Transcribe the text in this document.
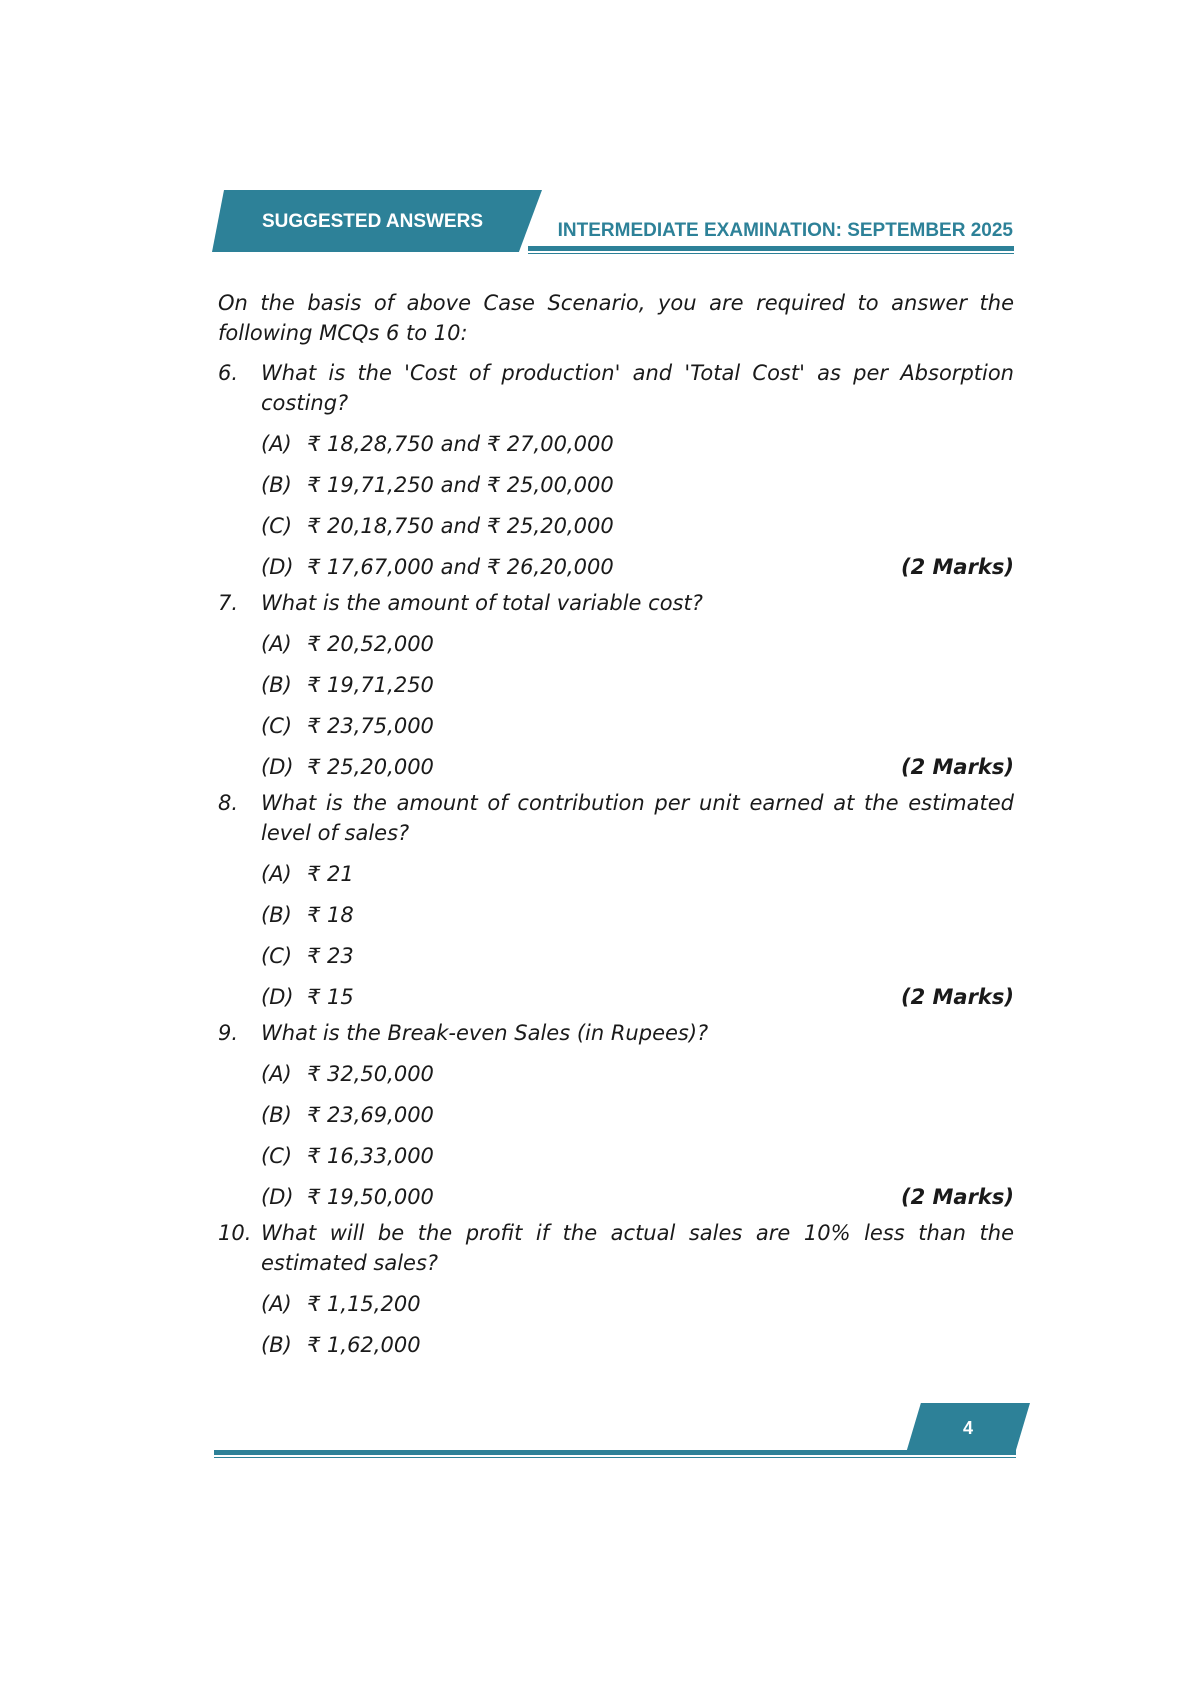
SUGGESTED ANSWERS	INTERMEDIATE EXAMINATION: SEPTEMBER 2025
On the basis of above Case Scenario, you are required to answer the following MCQs 6 to 10:
6.	What is the 'Cost of production' and 'Total Cost' as per Absorption costing?
(A) ₹ 18,28,750 and ₹ 27,00,000
(B) ₹ 19,71,250 and ₹ 25,00,000
(C) ₹ 20,18,750 and ₹ 25,20,000
(D) ₹ 17,67,000 and ₹ 26,20,000	(2 Marks)
7.	What is the amount of total variable cost?
(A) ₹ 20,52,000
(B) ₹ 19,71,250
(C) ₹ 23,75,000
(D) ₹ 25,20,000	(2 Marks)
8.	What is the amount of contribution per unit earned at the estimated level of sales?
(A) ₹ 21
(B) ₹ 18
(C) ₹ 23
(D) ₹ 15	(2 Marks)
9.	What is the Break-even Sales (in Rupees)?
(A) ₹ 32,50,000
(B) ₹ 23,69,000
(C) ₹ 16,33,000
(D) ₹ 19,50,000	(2 Marks)
10. What will be the profit if the actual sales are 10% less than the estimated sales?
(A) ₹ 1,15,200
(B) ₹ 1,62,000
4
